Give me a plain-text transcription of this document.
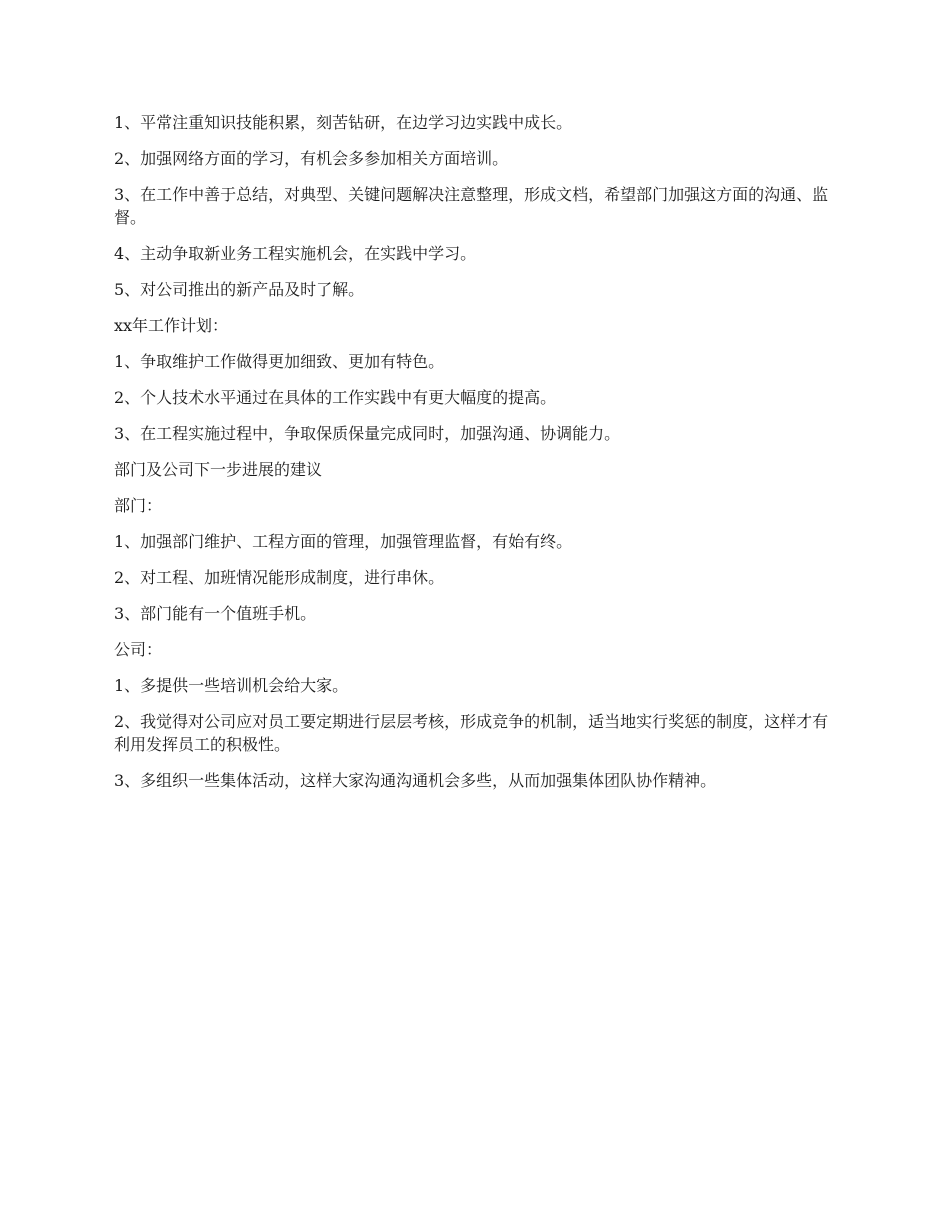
1、平常注重知识技能积累，刻苦钻研，在边学习边实践中成长。

2、加强网络方面的学习，有机会多参加相关方面培训。

3、在工作中善于总结，对典型、关键问题解决注意整理，形成文档，希望部门加强这方面的沟通、监督。

4、主动争取新业务工程实施机会，在实践中学习。

5、对公司推出的新产品及时了解。

xx年工作计划：

1、争取维护工作做得更加细致、更加有特色。

2、个人技术水平通过在具体的工作实践中有更大幅度的提高。

3、在工程实施过程中，争取保质保量完成同时，加强沟通、协调能力。

部门及公司下一步进展的建议

部门：

1、加强部门维护、工程方面的管理，加强管理监督，有始有终。

2、对工程、加班情况能形成制度，进行串休。

3、部门能有一个值班手机。

公司：

1、多提供一些培训机会给大家。

2、我觉得对公司应对员工要定期进行层层考核，形成竞争的机制，适当地实行奖惩的制度，这样才有利用发挥员工的积极性。

3、多组织一些集体活动，这样大家沟通沟通机会多些，从而加强集体团队协作精神。
